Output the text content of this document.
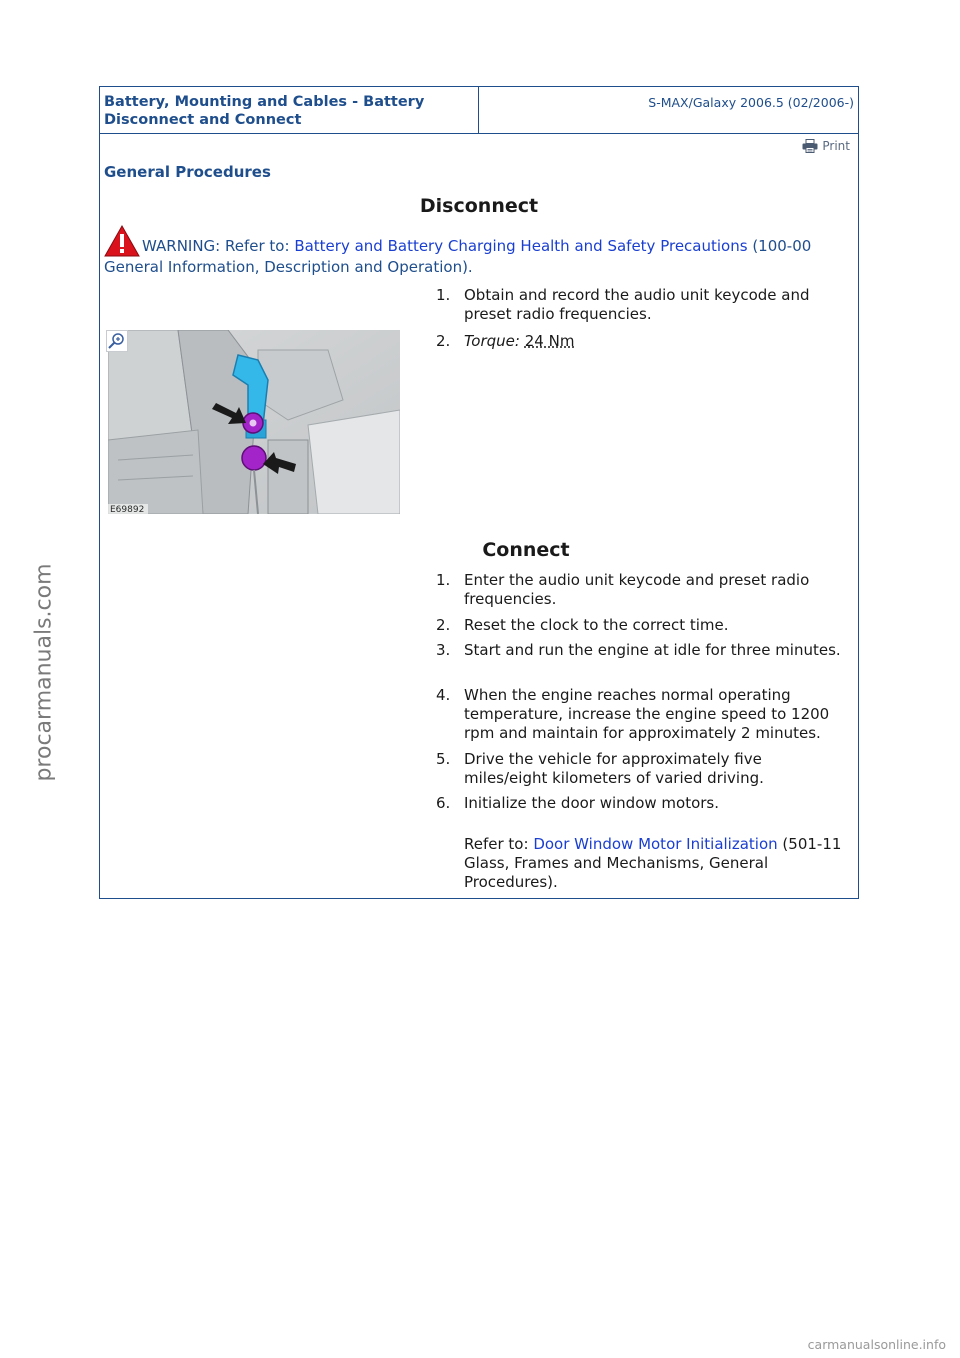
Battery, Mounting and Cables - Battery
Disconnect and Connect
S-MAX/Galaxy 2006.5 (02/2006-)
Print
General Procedures
Disconnect
WARNING: Refer to: Battery and Battery Charging Health and Safety Precautions (100-00 General Information, Description and Operation).
1. Obtain and record the audio unit keycode and preset radio frequencies.
2. Torque: 24 Nm
E69892
Connect
1. Enter the audio unit keycode and preset radio frequencies.
2. Reset the clock to the correct time.
3. Start and run the engine at idle for three minutes.
4. When the engine reaches normal operating temperature, increase the engine speed to 1200 rpm and maintain for approximately 2 minutes.
5. Drive the vehicle for approximately five miles/eight kilometers of varied driving.
6. Initialize the door window motors.
Refer to: Door Window Motor Initialization (501-11 Glass, Frames and Mechanisms, General Procedures).
procarmanuals.com
carmanualsonline.info
